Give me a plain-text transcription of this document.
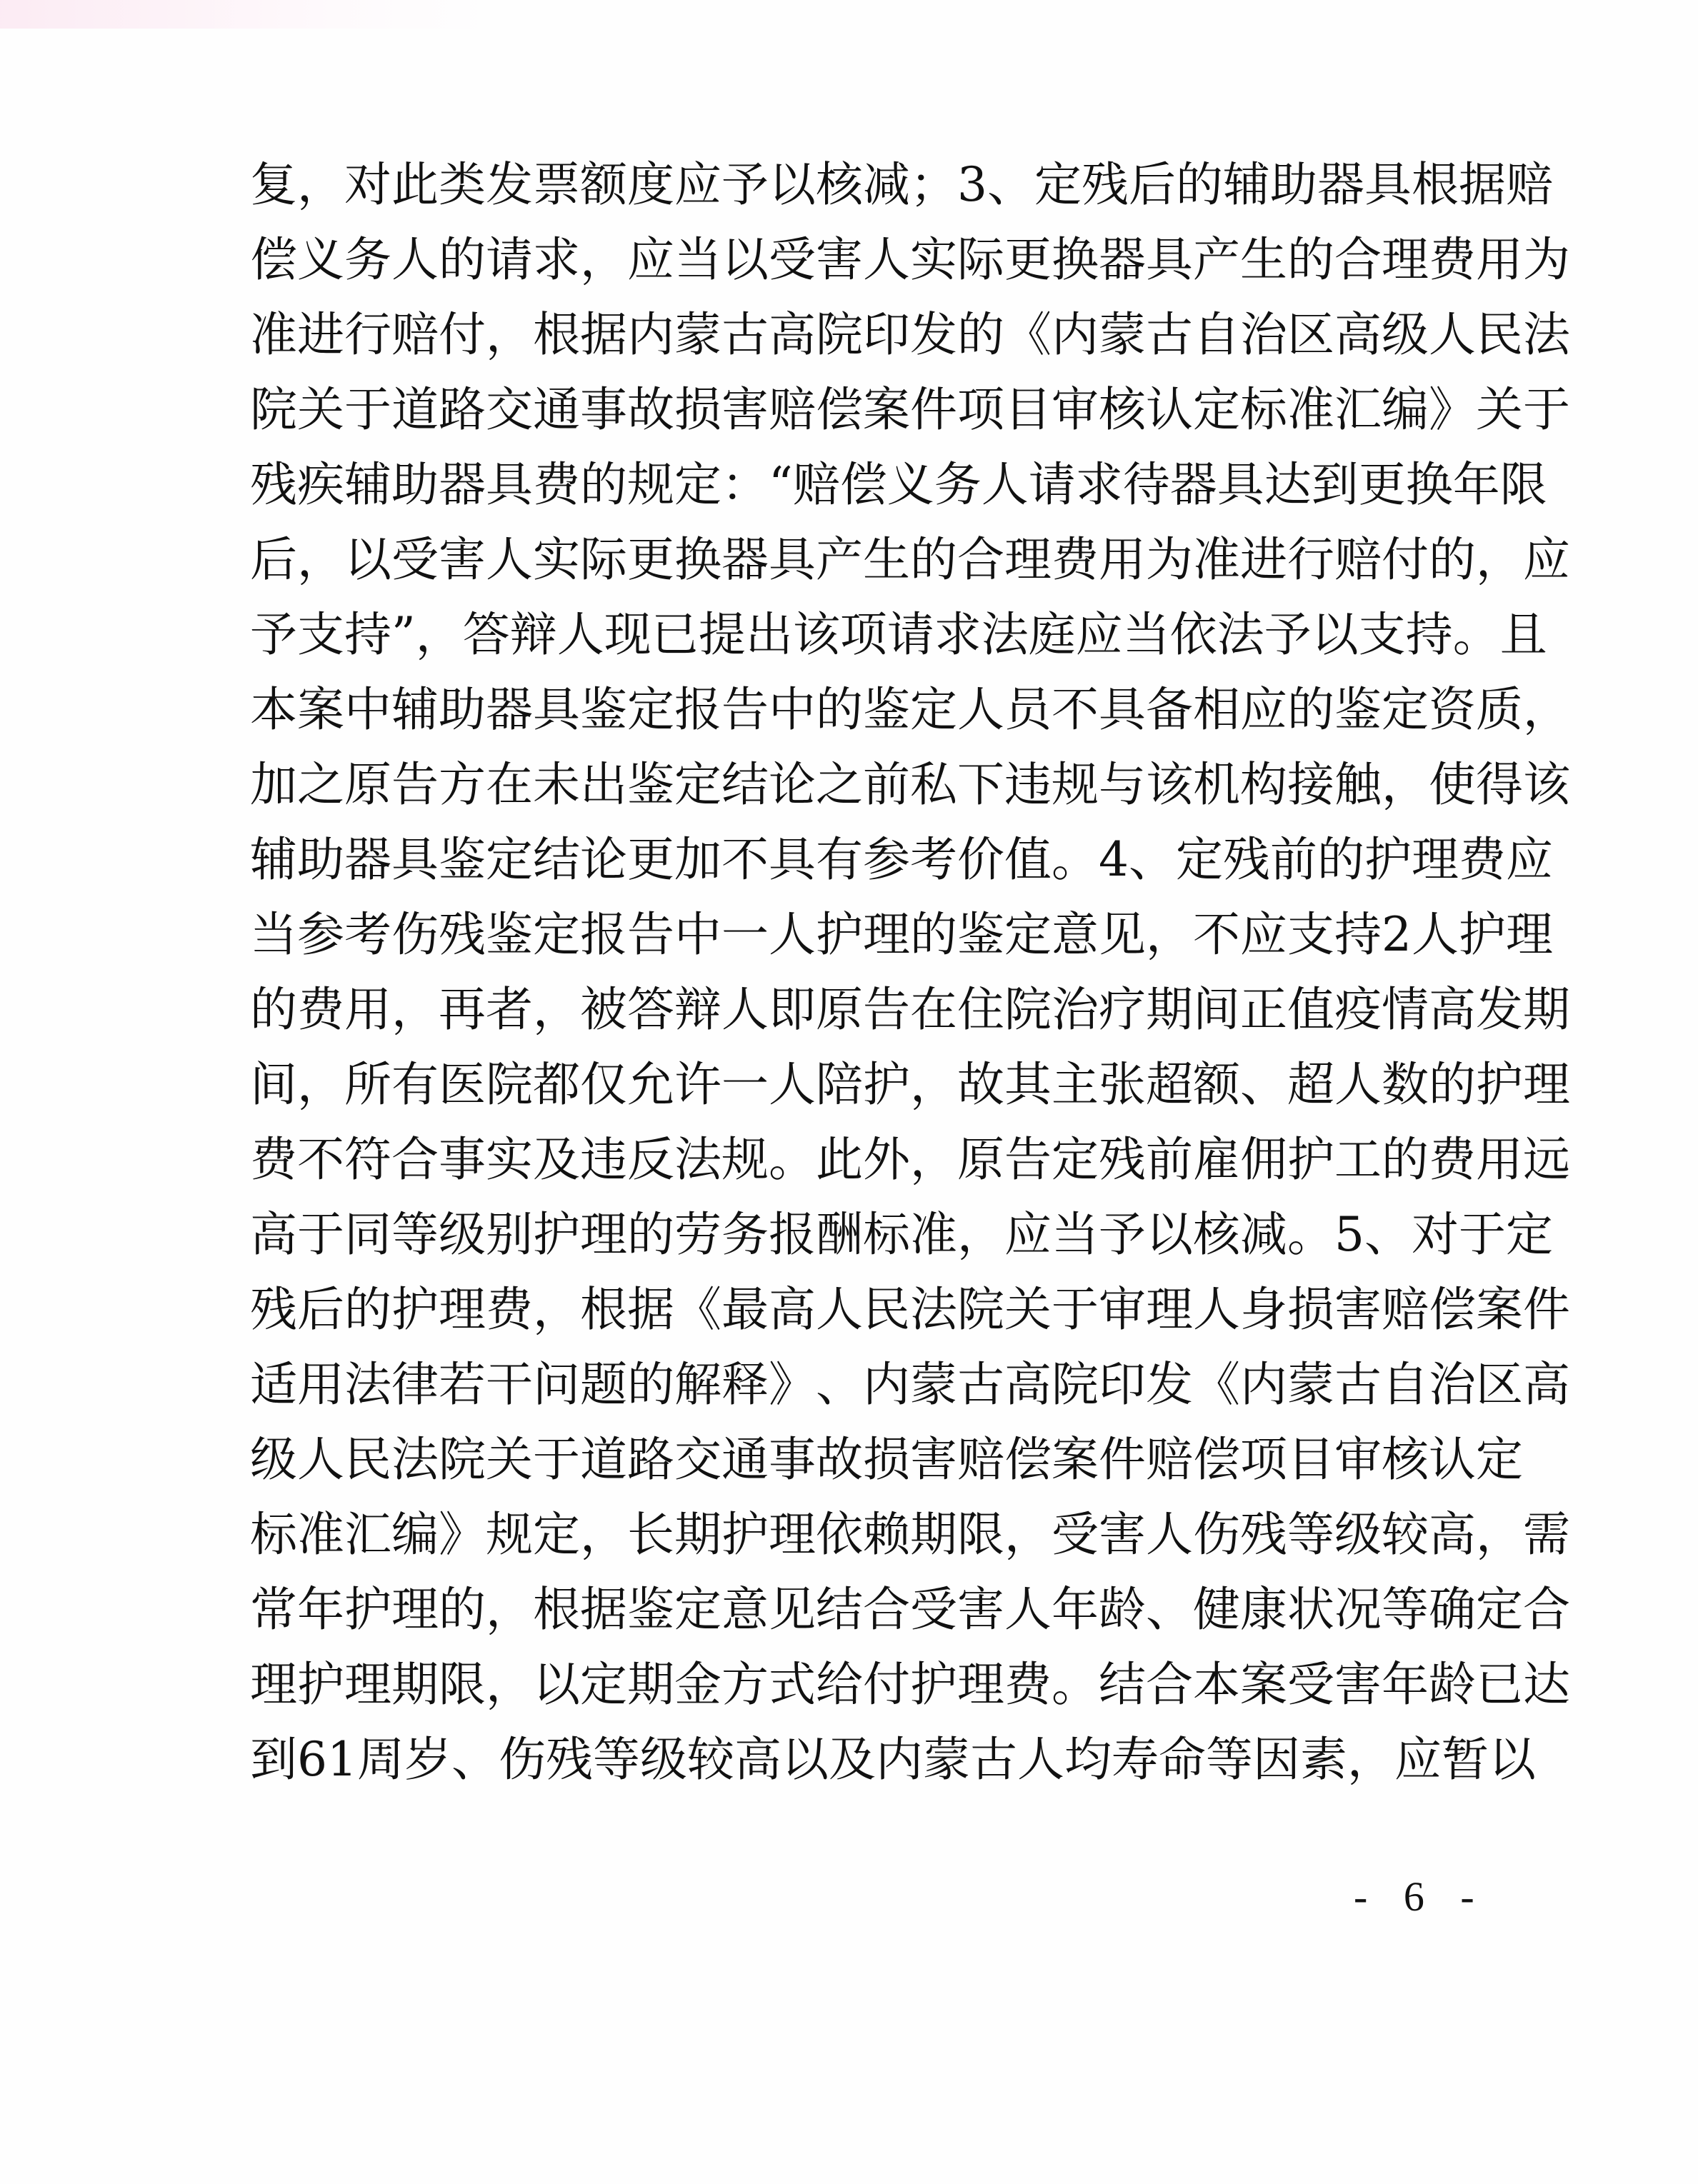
复 ， 对 此 类 发 票 额 度 应 予 以 核 减 ； 3 、 定 残 后 的 辅 助 器 具 根 据 赔
偿 义 务 人 的 请 求 ， 应 当 以 受 害 人 实 际 更 换 器 具 产 生 的 合 理 费 用 为
准 进 行 赔 付 ， 根 据 内 蒙 古 高 院 印 发 的 《 内 蒙 古 自 治 区 高 级 人 民 法
院 关 于 道 路 交 通 事 故 损 害 赔 偿 案 件 项 目 审 核 认 定 标 准 汇 编 》 关 于
残 疾 辅 助 器 具 费 的 规 定 ： “ 赔 偿 义 务 人 请 求 待 器 具 达 到 更 换 年 限
后 ， 以 受 害 人 实 际 更 换 器 具 产 生 的 合 理 费 用 为 准 进 行 赔 付 的 ， 应
予 支 持 ” ， 答 辩 人 现 已 提 出 该 项 请 求 法 庭 应 当 依 法 予 以 支 持 。 且
本 案 中 辅 助 器 具 鉴 定 报 告 中 的 鉴 定 人 员 不 具 备 相 应 的 鉴 定 资 质 ，
加 之 原 告 方 在 未 出 鉴 定 结 论 之 前 私 下 违 规 与 该 机 构 接 触 ， 使 得 该
辅 助 器 具 鉴 定 结 论 更 加 不 具 有 参 考 价 值 。 4 、 定 残 前 的 护 理 费 应
当 参 考 伤 残 鉴 定 报 告 中 一 人 护 理 的 鉴 定 意 见 ， 不 应 支 持 2 人 护 理
的 费 用 ， 再 者 ， 被 答 辩 人 即 原 告 在 住 院 治 疗 期 间 正 值 疫 情 高 发 期
间 ， 所 有 医 院 都 仅 允 许 一 人 陪 护 ， 故 其 主 张 超 额 、 超 人 数 的 护 理
费 不 符 合 事 实 及 违 反 法 规 。 此 外 ， 原 告 定 残 前 雇 佣 护 工 的 费 用 远
高 于 同 等 级 别 护 理 的 劳 务 报 酬 标 准 ， 应 当 予 以 核 减 。 5 、 对 于 定
残 后 的 护 理 费 ， 根 据 《 最 高 人 民 法 院 关 于 审 理 人 身 损 害 赔 偿 案 件
适 用 法 律 若 干 问 题 的 解 释 》 、 内 蒙 古 高 院 印 发 《 内 蒙 古 自 治 区 高
级 人 民 法 院 关 于 道 路 交 通 事 故 损 害 赔 偿 案 件 赔 偿 项 目 审 核 认 定
标 准 汇 编 》 规 定 ， 长 期 护 理 依 赖 期 限 ， 受 害 人 伤 残 等 级 较 高 ， 需
常 年 护 理 的 ， 根 据 鉴 定 意 见 结 合 受 害 人 年 龄 、 健 康 状 况 等 确 定 合
理 护 理 期 限 ， 以 定 期 金 方 式 给 付 护 理 费 。 结 合 本 案 受 害 年 龄 已 达
到 6 1 周 岁 、 伤 残 等 级 较 高 以 及 内 蒙 古 人 均 寿 命 等 因 素 ， 应 暂 以
- 6 -
